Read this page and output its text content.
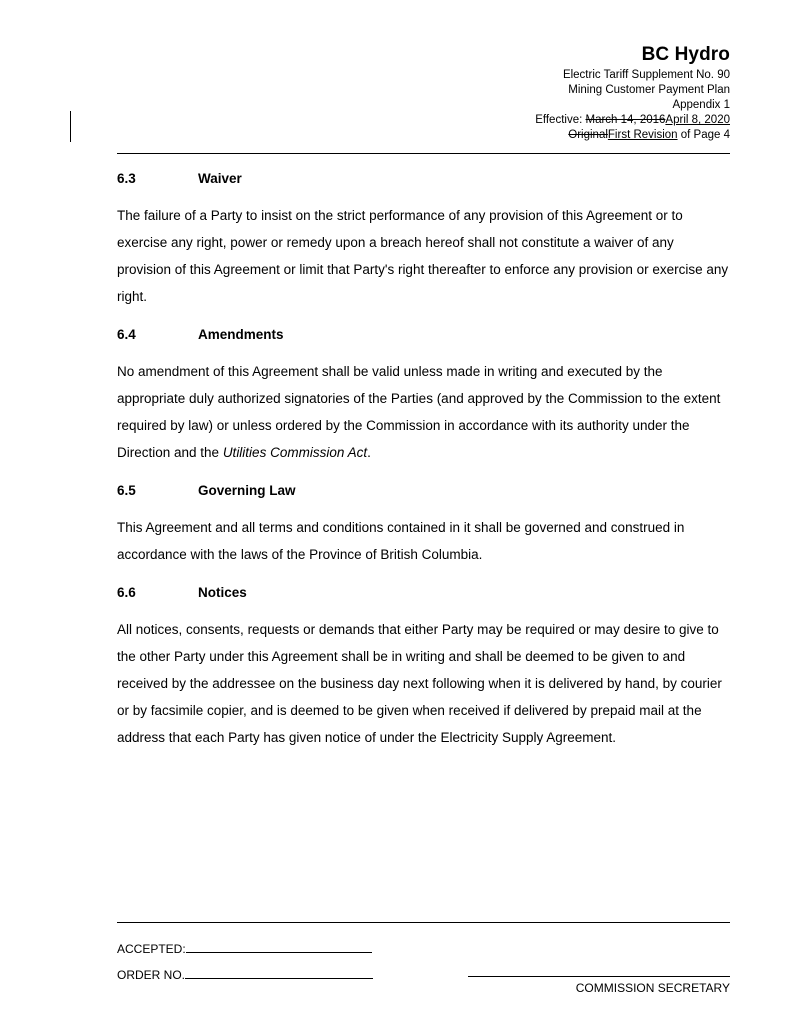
BC Hydro
Electric Tariff Supplement No. 90
Mining Customer Payment Plan
Appendix 1
Effective: March 14, 2016April 8, 2020
OriginalFirst Revision of Page 4
6.3	Waiver

The failure of a Party to insist on the strict performance of any provision of this Agreement or to exercise any right, power or remedy upon a breach hereof shall not constitute a waiver of any provision of this Agreement or limit that Party's right thereafter to enforce any provision or exercise any right.

6.4	Amendments

No amendment of this Agreement shall be valid unless made in writing and executed by the appropriate duly authorized signatories of the Parties (and approved by the Commission to the extent required by law) or unless ordered by the Commission in accordance with its authority under the Direction and the Utilities Commission Act.

6.5	Governing Law

This Agreement and all terms and conditions contained in it shall be governed and construed in accordance with the laws of the Province of British Columbia.

6.6	Notices

All notices, consents, requests or demands that either Party may be required or may desire to give to the other Party under this Agreement shall be in writing and shall be deemed to be given to and received by the addressee on the business day next following when it is delivered by hand, by courier or by facsimile copier, and is deemed to be given when received if delivered by prepaid mail at the address that each Party has given notice of under the Electricity Supply Agreement.

ACCEPTED:
ORDER NO.
COMMISSION SECRETARY
